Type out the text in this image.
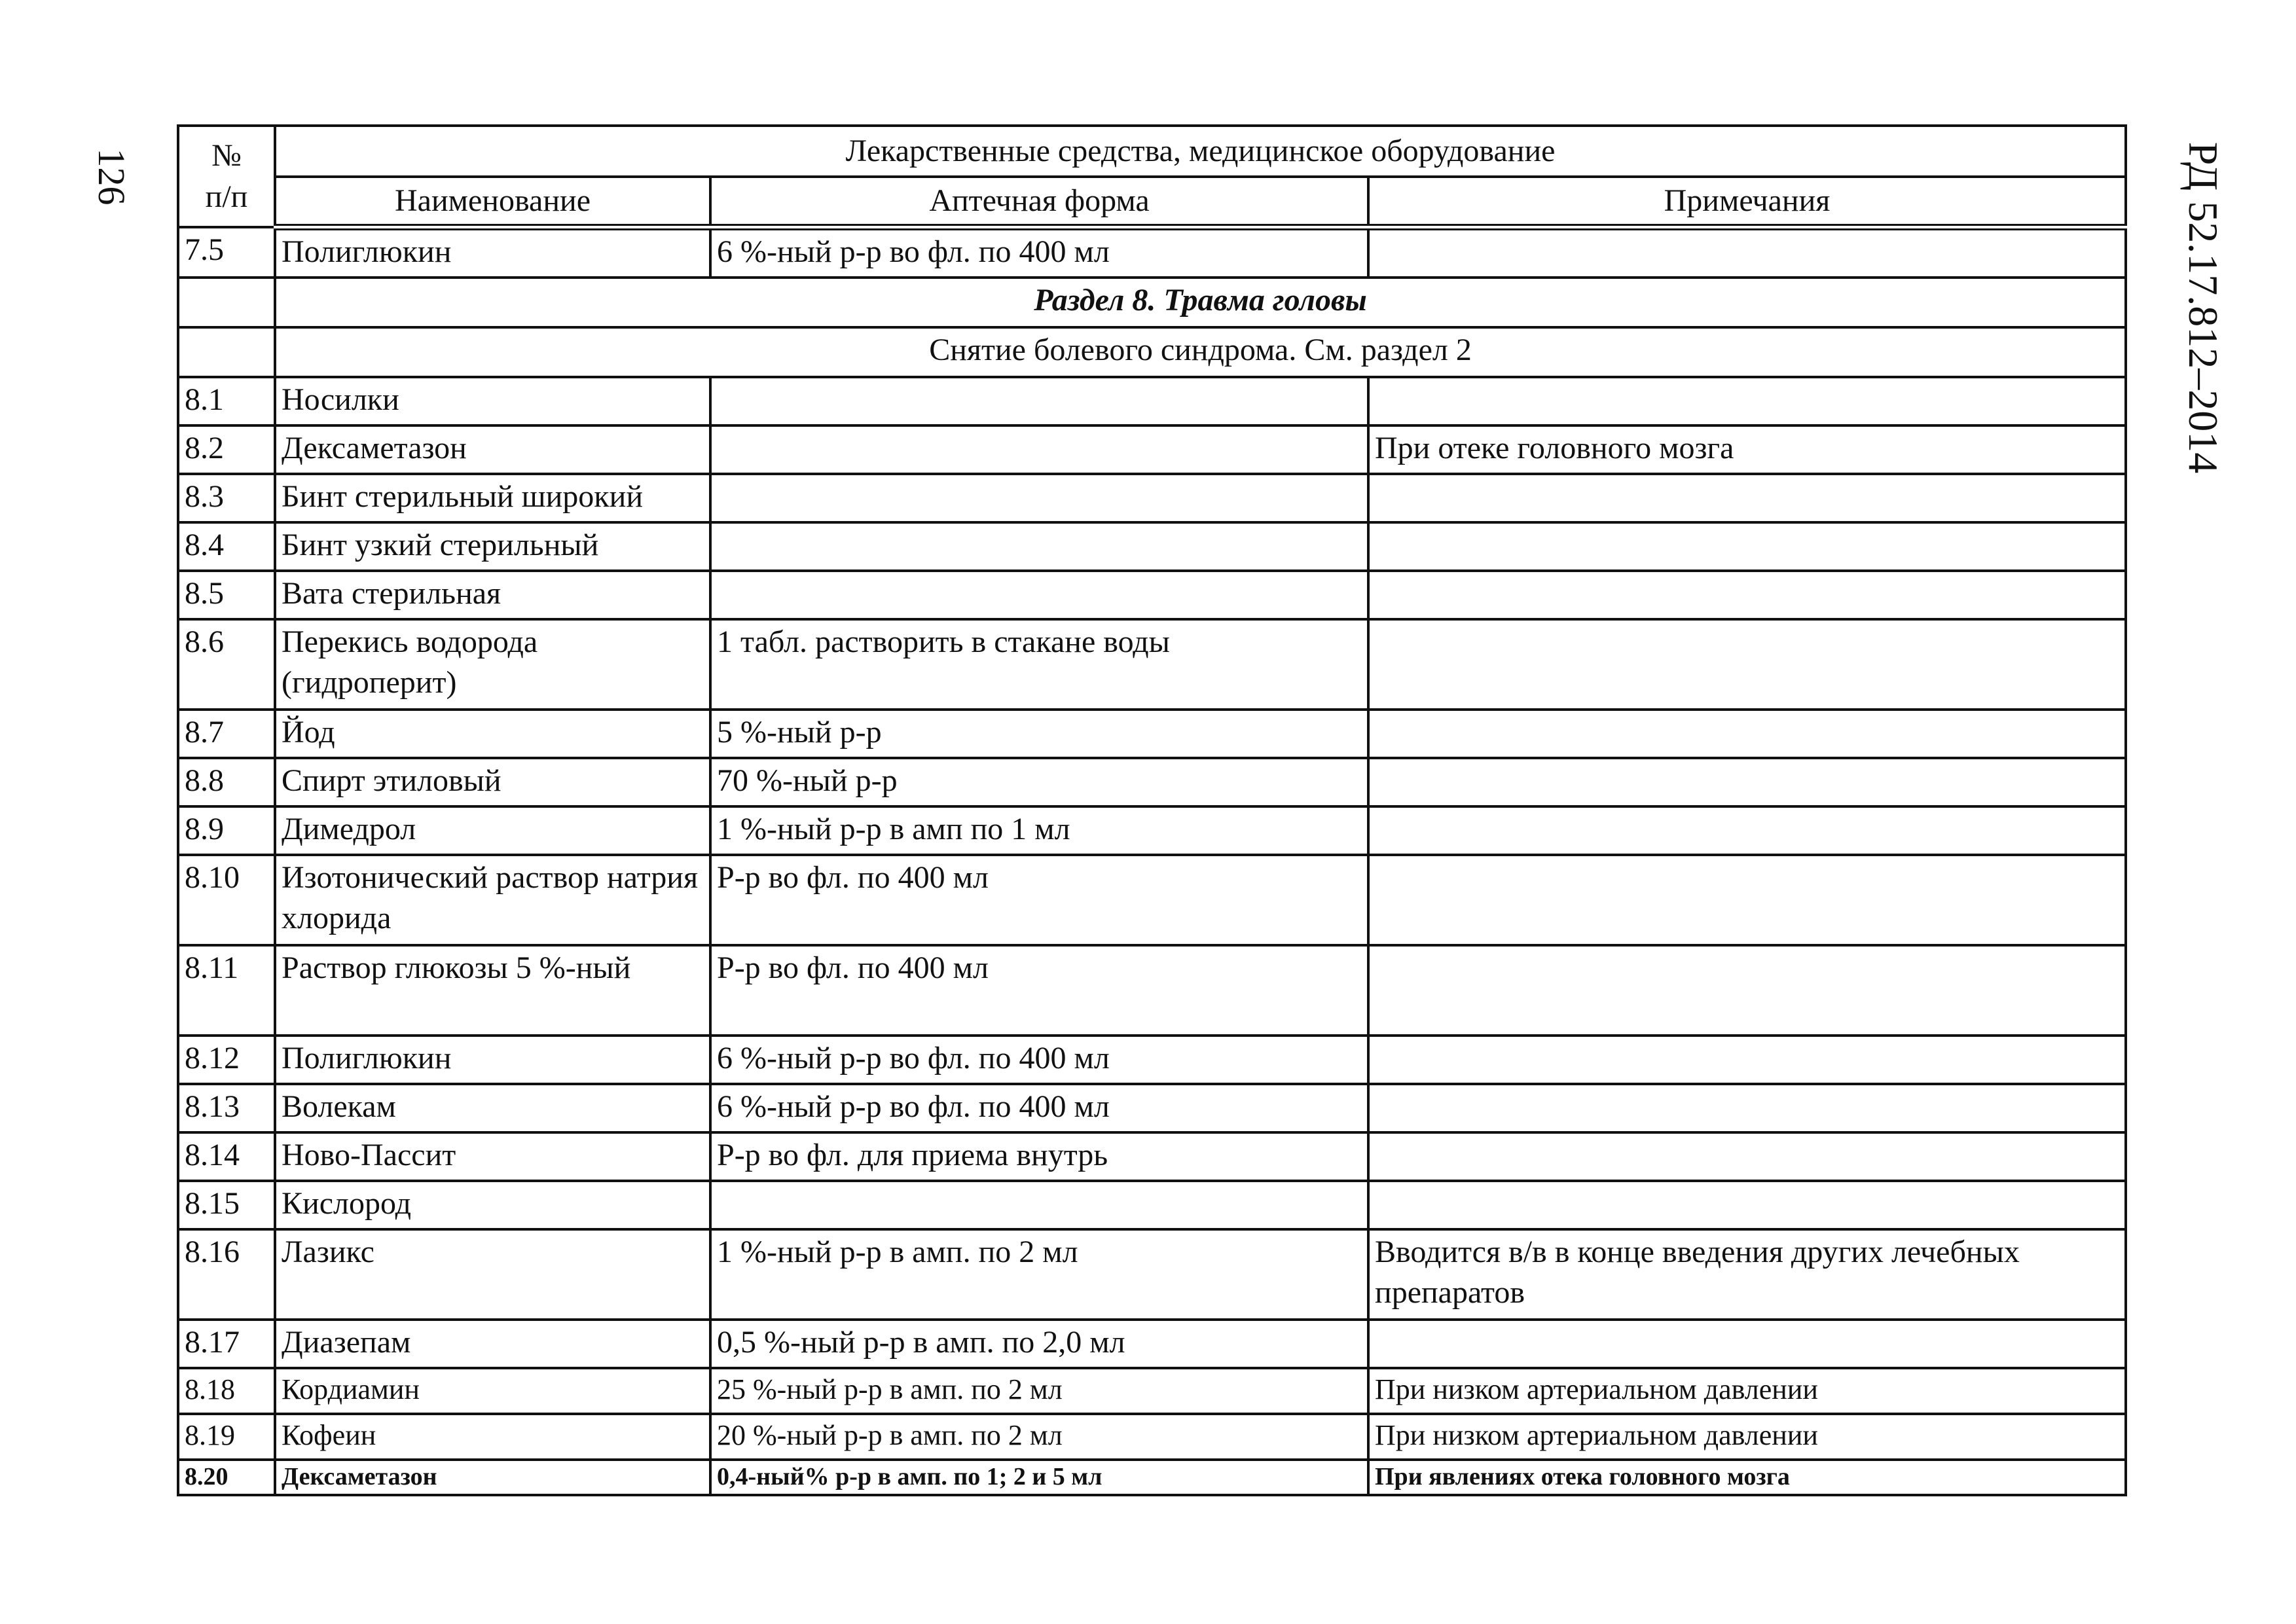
126	РД 52.17.812–2014
№
п/п	Лекарственные средства, медицинское оборудование		
	Наименование	Аптечная форма	Примечания
7.5	Полиглюкин	6 %-ный р-р во фл. по 400 мл	
	Раздел 8. Травма головы		
	Снятие болевого синдрома. См. раздел 2		
8.1	Носилки		
8.2	Дексаметазон		При отеке головного мозга
8.3	Бинт стерильный широкий		
8.4	Бинт узкий стерильный		
8.5	Вата стерильная		
8.6	Перекись водорода (гидроперит)	1 табл. растворить в стакане воды	
8.7	Йод	5 %-ный р-р	
8.8	Спирт этиловый	70 %-ный р-р	
8.9	Димедрол	1 %-ный р-р в амп по 1 мл	
8.10	Изотонический раствор натрия хлорида	Р-р во фл. по 400 мл	
8.11	Раствор глюкозы 5 %-ный	Р-р во фл. по 400 мл	
8.12	Полиглюкин	6 %-ный р-р во фл. по 400 мл	
8.13	Волекам	6 %-ный р-р во фл. по 400 мл	
8.14	Ново-Пассит	Р-р во фл. для приема внутрь	
8.15	Кислород		
8.16	Лазикс	1 %-ный р-р в амп. по 2 мл	Вводится в/в в конце введения других лечебных препаратов
8.17	Диазепам	0,5 %-ный р-р в амп. по 2,0 мл	
8.18	Кордиамин	25 %-ный р-р в амп. по 2 мл	При низком артериальном давлении
8.19	Кофеин	20 %-ный р-р в амп. по 2 мл	При низком артериальном давлении
8.20	Дексаметазон	0,4-ный% р-р в амп. по 1; 2 и 5 мл	При явлениях отека головного мозга
